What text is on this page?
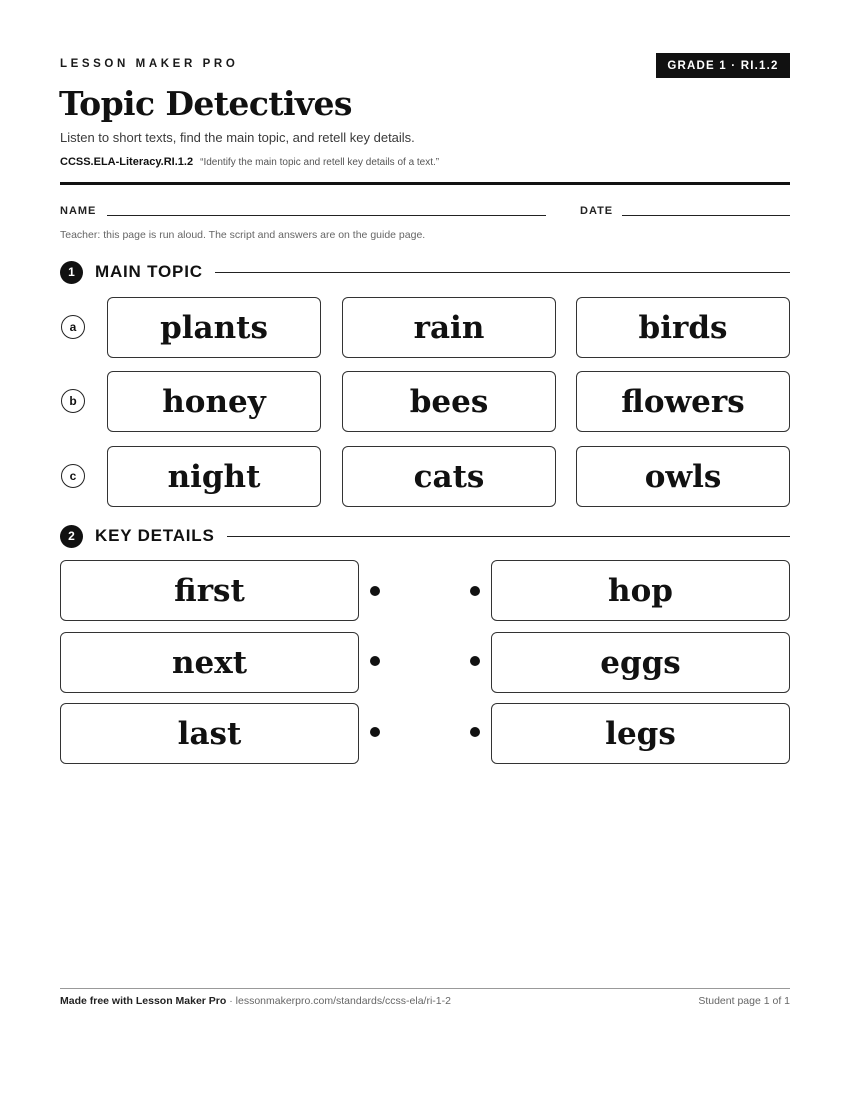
LESSON MAKER PRO	GRADE 1 · RI.1.2
Topic Detectives
Listen to short texts, find the main topic, and retell key details.
CCSS.ELA-Literacy.RI.1.2 “Identify the main topic and retell key details of a text.”
NAME	DATE
Teacher: this page is run aloud. The script and answers are on the guide page.
1	MAIN TOPIC
a	plants	rain	birds
b	honey	bees	flowers
c	night	cats	owls
2	KEY DETAILS
first	hop
next	eggs
last	legs
Made free with Lesson Maker Pro · lessonmakerpro.com/standards/ccss-ela/ri-1-2	Student page 1 of 1
